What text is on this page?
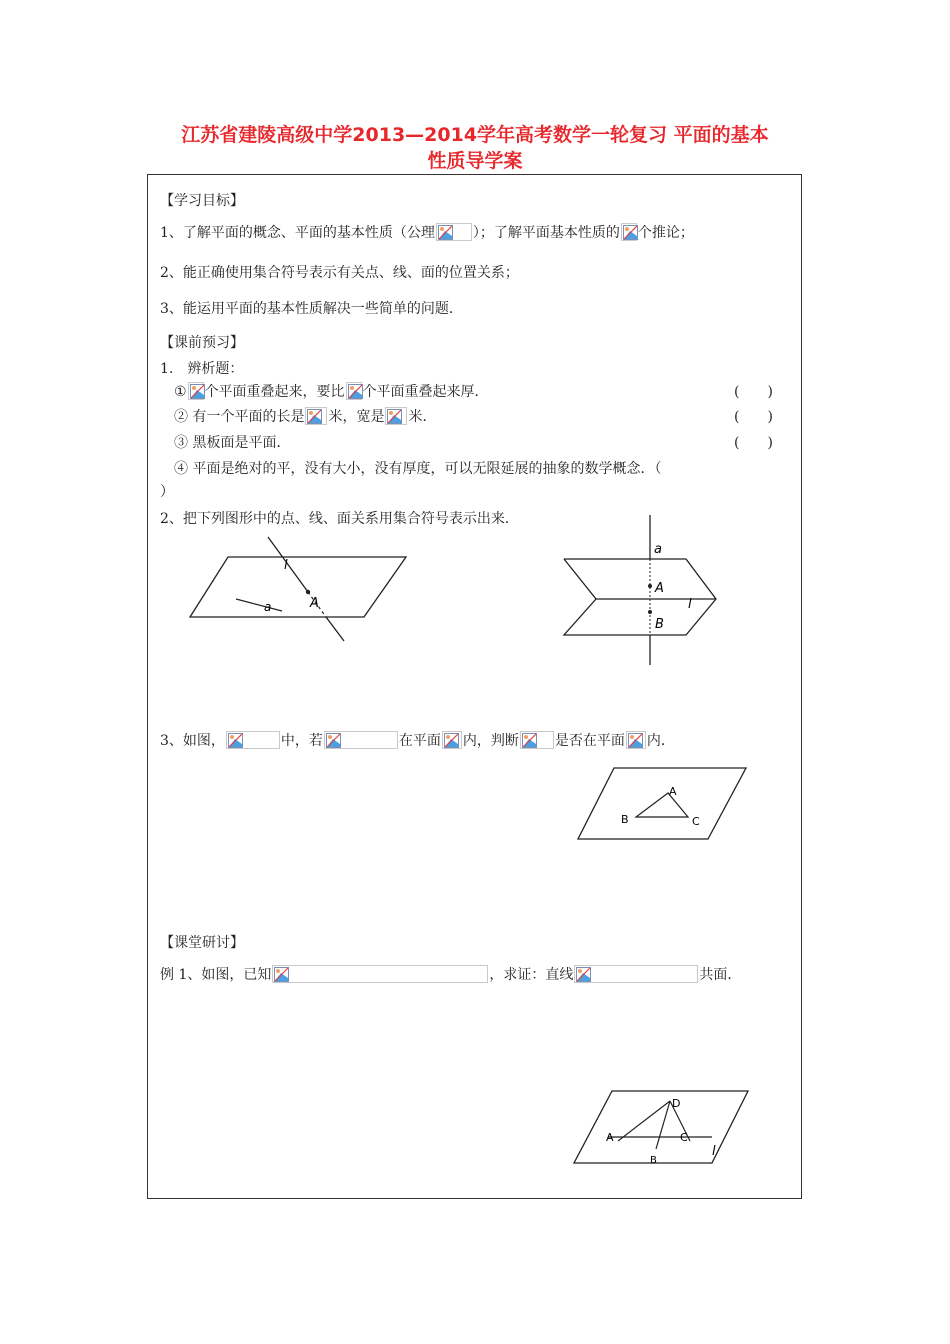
江苏省建陵高级中学2013—2014学年高考数学一轮复习 平面的基本
性质导学案
【学习目标】
1、了解平面的概念、平面的基本性质（公理	）；了解平面基本性质的 个推论；
2、能正确使用集合符号表示有关点、线、面的位置关系；
3、能运用平面的基本性质解决一些简单的问题．
【课前预习】
1.　辨析题：
① 个平面重叠起来，要比 个平面重叠起来厚．	(　　)
② 有一个平面的长是 米，宽是 米．	(　　)
③ 黑板面是平面．	(　　)
④ 平面是绝对的平，没有大小，没有厚度，可以无限延展的抽象的数学概念．（
）
2、把下列图形中的点、线、面关系用集合符号表示出来．
l
A
a
a
A
l
B
3、如图，	中，若	在平面 内，判断	是否在平面 内．
A
B	C
【课堂研讨】
例 1、如图，已知	，求证：直线	共面．
D
A	C
B
l
